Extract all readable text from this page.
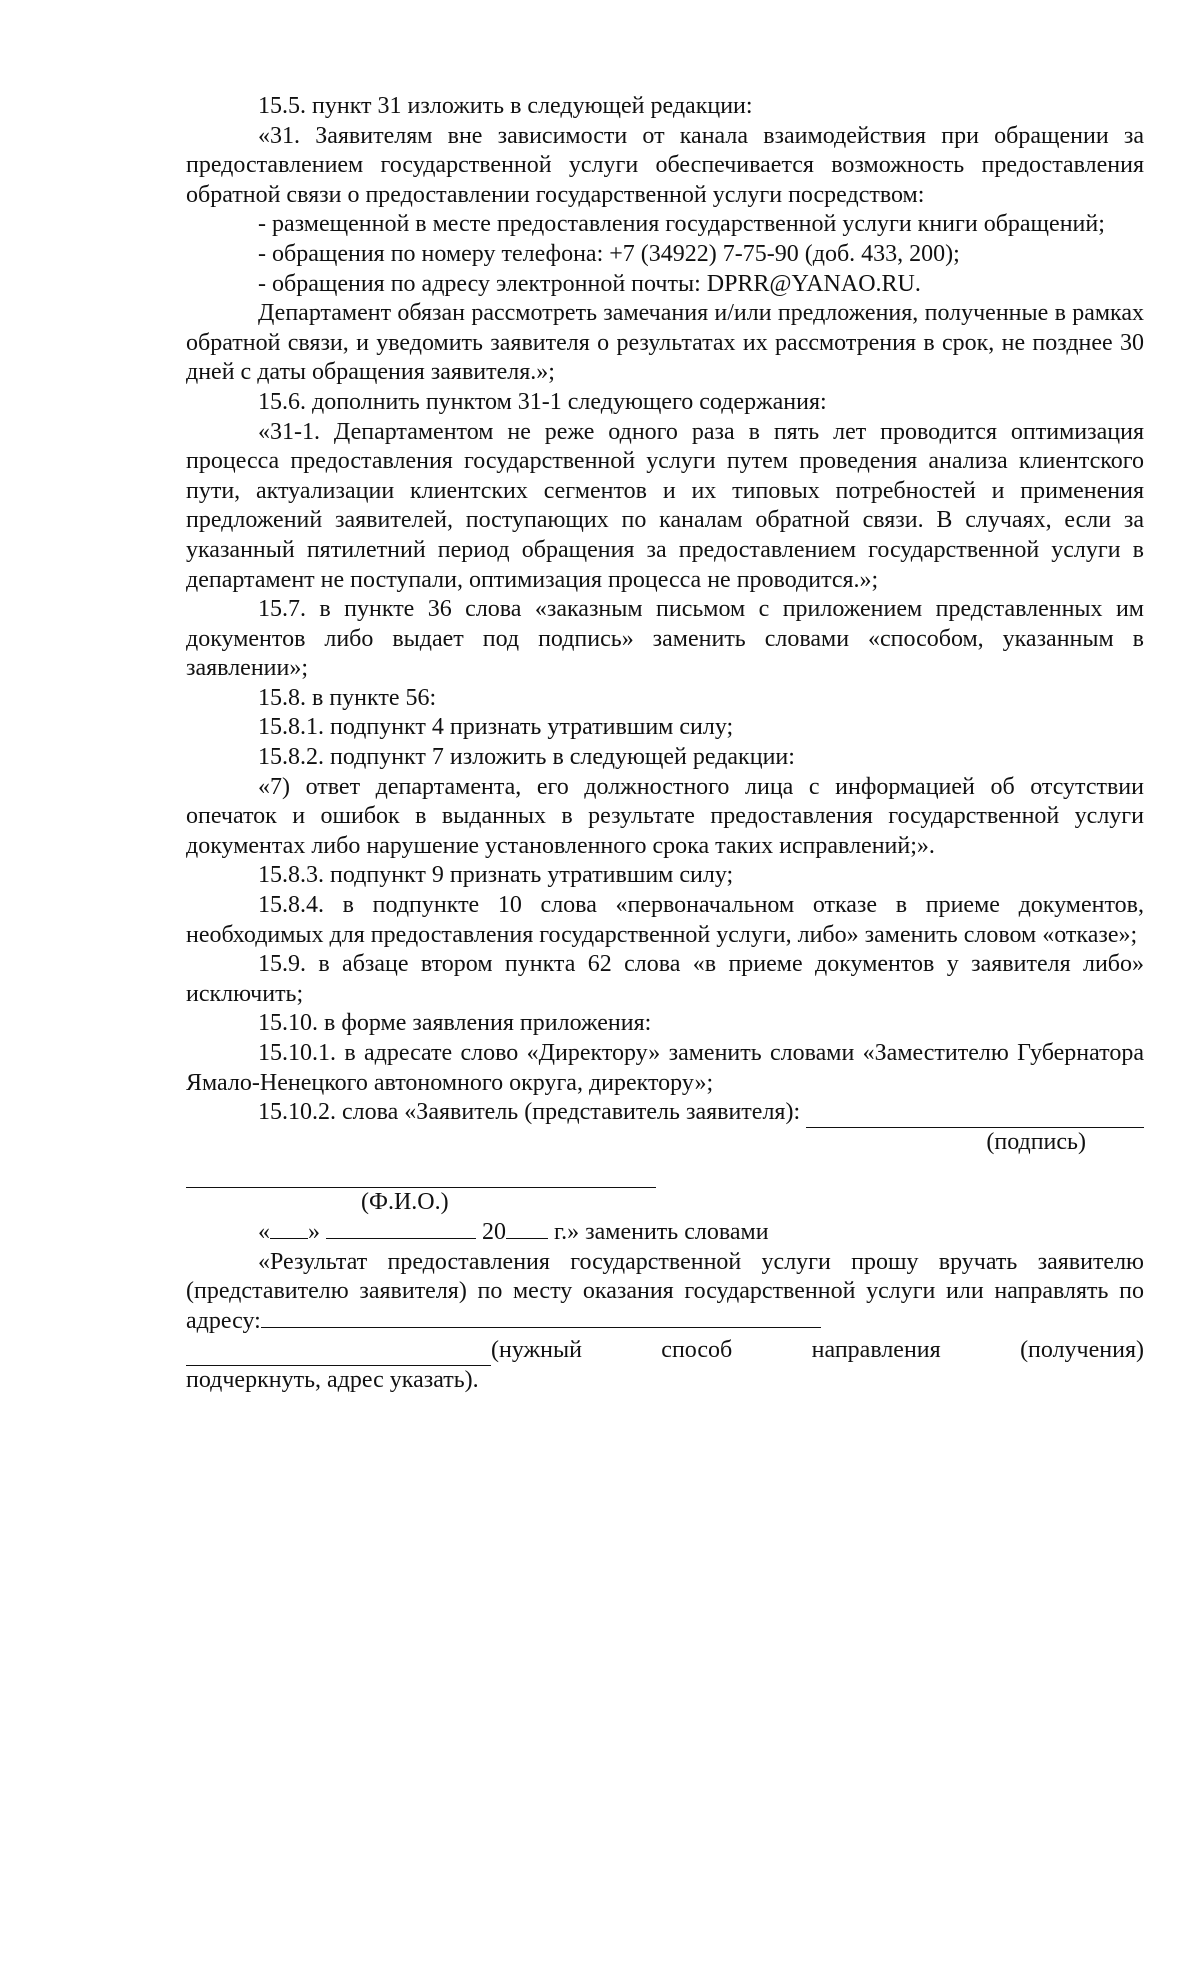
15.5. пункт 31 изложить в следующей редакции:

«31. Заявителям вне зависимости от канала взаимодействия при обращении за предоставлением государственной услуги обеспечивается возможность предоставления обратной связи о предоставлении государственной услуги посредством:

- размещенной в месте предоставления государственной услуги книги обращений;

- обращения по номеру телефона: +7 (34922) 7-75-90 (доб. 433, 200);

- обращения по адресу электронной почты: DPRR@YANAO.RU.

Департамент обязан рассмотреть замечания и/или предложения, полученные в рамках обратной связи, и уведомить заявителя о результатах их рассмотрения в срок, не позднее 30 дней с даты обращения заявителя.»;

15.6. дополнить пунктом 31-1 следующего содержания:

«31-1. Департаментом не реже одного раза в пять лет проводится оптимизация процесса предоставления государственной услуги путем проведения анализа клиентского пути, актуализации клиентских сегментов и их типовых потребностей и применения предложений заявителей, поступающих по каналам обратной связи. В случаях, если за указанный пятилетний период обращения за предоставлением государственной услуги в департамент не поступали, оптимизация процесса не проводится.»;

15.7. в пункте 36 слова «заказным письмом с приложением представленных им документов либо выдает под подпись» заменить словами «способом, указанным в заявлении»;

15.8. в пункте 56:

15.8.1. подпункт 4 признать утратившим силу;

15.8.2. подпункт 7 изложить в следующей редакции:

«7) ответ департамента, его должностного лица с информацией об отсутствии опечаток и ошибок в выданных в результате предоставления государственной услуги документах либо нарушение установленного срока таких исправлений;».

15.8.3. подпункт 9 признать утратившим силу;

15.8.4. в подпункте 10 слова «первоначальном отказе в приеме документов, необходимых для предоставления государственной услуги, либо» заменить словом «отказе»;

15.9. в абзаце втором пункта 62 слова «в приеме документов у заявителя либо» исключить;

15.10. в форме заявления приложения:

15.10.1. в адресате слово «Директору» заменить словами «Заместителю Губернатора Ямало-Ненецкого автономного округа, директору»;

15.10.2. слова «Заявитель (представитель заявителя):

(подпись)

(Ф.И.О.)

« »	20 г.» заменить словами

«Результат предоставления государственной услуги прошу вручать заявителю (представителю заявителя) по месту оказания государственной услуги или направлять по адресу:

(нужный	способ	направления	(получения)

подчеркнуть, адрес указать).
